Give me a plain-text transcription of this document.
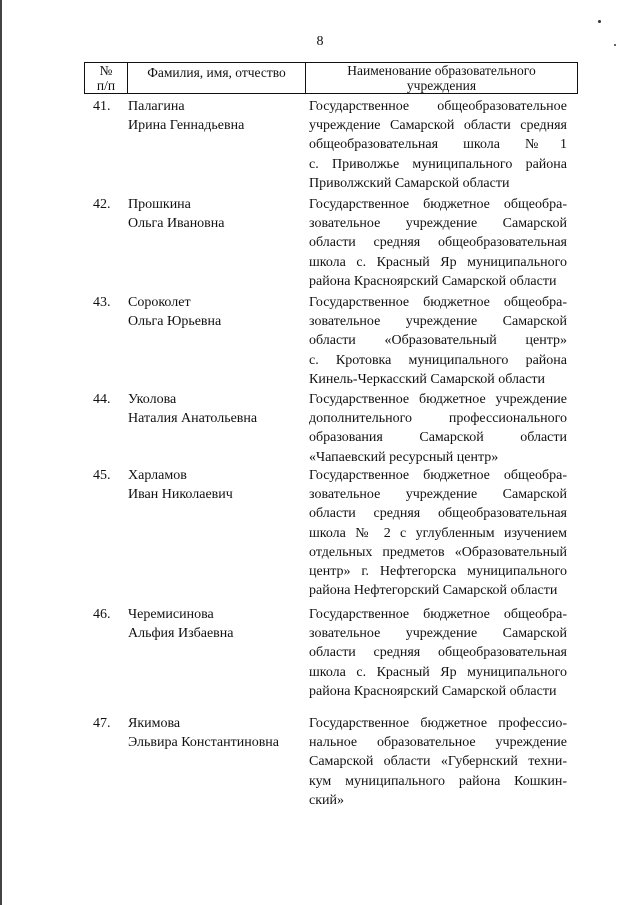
8
№
п/п
Фамилия, имя, отчество	Наименование образовательного
учреждения
41. Палагина
Ирина Геннадьевна
Государственное общеобразовательное
учреждение Самарской области средняя
общеобразовательная школа №1
с. Приволжье муниципального района
Приволжский Самарской области
42. Прошкина
Ольга Ивановна
Государственное бюджетное общеобра-
зовательное учреждение Самарской
области средняя общеобразовательная
школа с. Красный Яр муниципального
района Красноярский Самарской области
43. Сороколет
Ольга Юрьевна
Государственное бюджетное общеобра-
зовательное учреждение Самарской
области «Образовательный центр»
с. Кротовка муниципального района
Кинель-Черкасский Самарской области
44. Уколова
Наталия Анатольевна
Государственное бюджетное учреждение
дополнительного профессионального
образования Самарской области
«Чапаевский ресурсный центр»
45. Харламов
Иван Николаевич
Государственное бюджетное общеобра-
зовательное учреждение Самарской
области средняя общеобразовательная
школа № 2 с углубленным изучением
отдельных предметов «Образовательный
центр» г. Нефтегорска муниципального
района Нефтегорский Самарской области
46. Черемисинова
Альфия Избаевна
Государственное бюджетное общеобра-
зовательное учреждение Самарской
области средняя общеобразовательная
школа с. Красный Яр муниципального
района Красноярский Самарской области
47. Якимова
Эльвира Константиновна
Государственное бюджетное профессио-
нальное образовательное учреждение
Самарской области «Губернский техни-
кум муниципального района Кошкин-
ский»
